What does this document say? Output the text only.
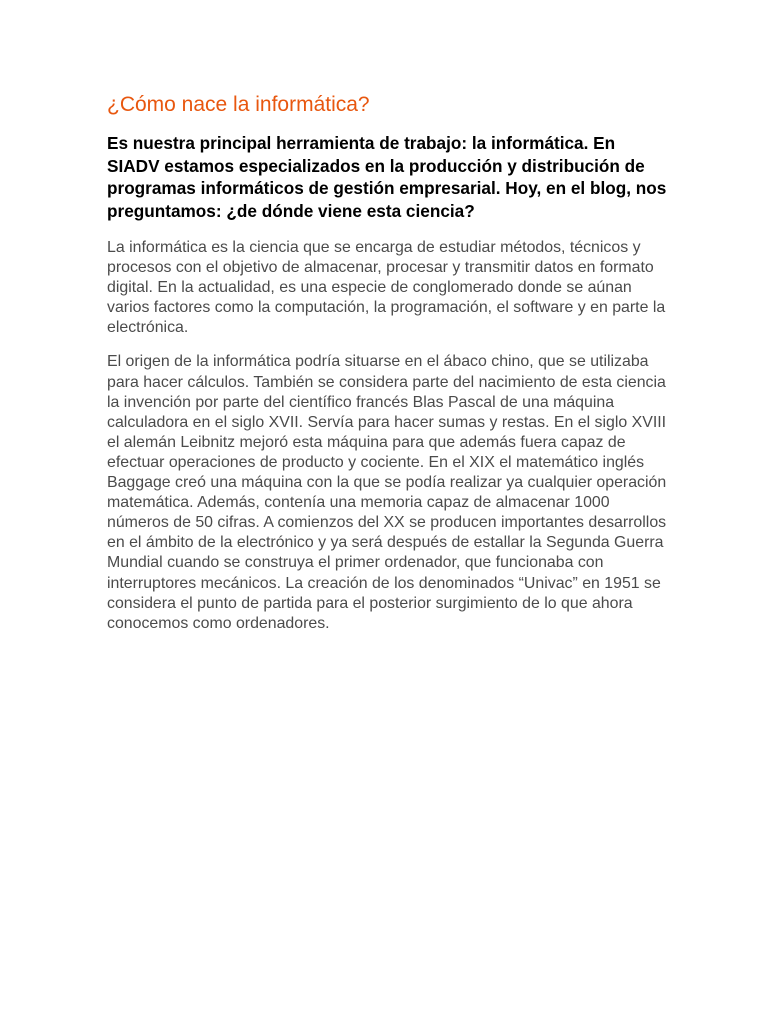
¿Cómo nace la informática?

Es nuestra principal herramienta de trabajo: la informática. En SIADV estamos especializados en la producción y distribución de programas informáticos de gestión empresarial. Hoy, en el blog, nos preguntamos: ¿de dónde viene esta ciencia?

La informática es la ciencia que se encarga de estudiar métodos, técnicos y procesos con el objetivo de almacenar, procesar y transmitir datos en formato digital. En la actualidad, es una especie de conglomerado donde se aúnan varios factores como la computación, la programación, el software y en parte la electrónica.

El origen de la informática podría situarse en el ábaco chino, que se utilizaba para hacer cálculos. También se considera parte del nacimiento de esta ciencia la invención por parte del científico francés Blas Pascal de una máquina calculadora en el siglo XVII. Servía para hacer sumas y restas. En el siglo XVIII el alemán Leibnitz mejoró esta máquina para que además fuera capaz de efectuar operaciones de producto y cociente. En el XIX el matemático inglés Baggage creó una máquina con la que se podía realizar ya cualquier operación matemática. Además, contenía una memoria capaz de almacenar 1000 números de 50 cifras. A comienzos del XX se producen importantes desarrollos en el ámbito de la electrónico y ya será después de estallar la Segunda Guerra Mundial cuando se construya el primer ordenador, que funcionaba con interruptores mecánicos. La creación de los denominados “Univac” en 1951 se considera el punto de partida para el posterior surgimiento de lo que ahora conocemos como ordenadores.
